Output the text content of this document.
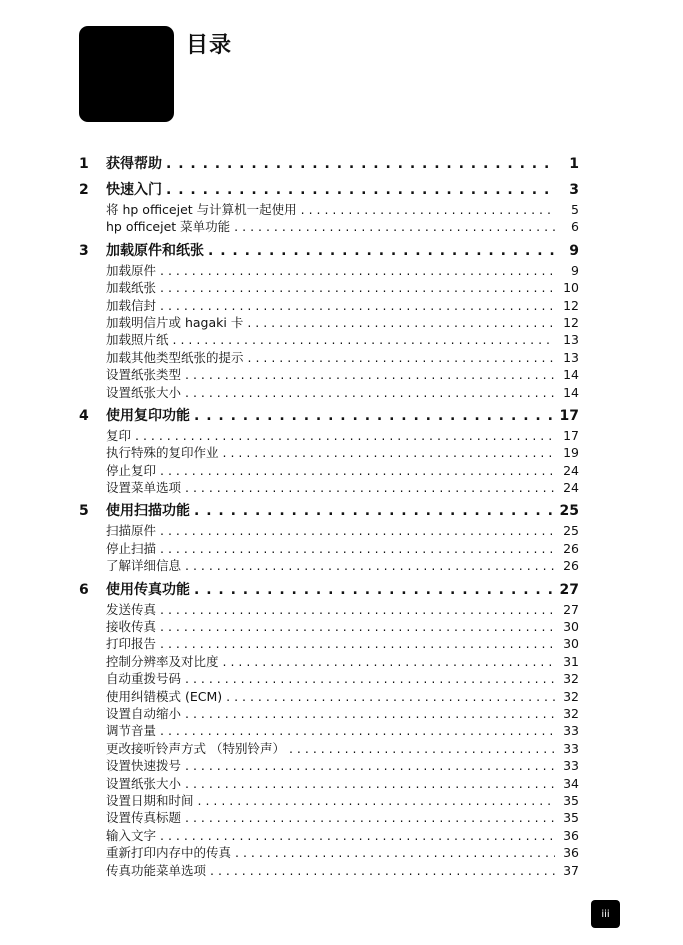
目录
1	获得帮助 . . .	1
2	快速入门 . . .	3
将 hp officejet 与计算机一起使用 . . .	5
hp officejet 菜单功能 . . .	6
3	加载原件和纸张 . . .	9
加载原件 . . .	9
加载纸张 . . .	10
加载信封 . . .	12
加载明信片或 hagaki 卡 . . .	12
加载照片纸 . . .	13
加载其他类型纸张的提示 . . .	13
设置纸张类型 . . .	14
设置纸张大小 . . .	14
4	使用复印功能 . . .	17
复印 . . .	17
执行特殊的复印作业 . . .	19
停止复印 . . .	24
设置菜单选项 . . .	24
5	使用扫描功能 . . .	25
扫描原件 . . .	25
停止扫描 . . .	26
了解详细信息 . . .	26
6	使用传真功能 . . .	27
发送传真 . . .	27
接收传真 . . .	30
打印报告 . . .	30
控制分辨率及对比度 . . .	31
自动重拨号码 . . .	32
使用纠错模式 (ECM) . . .	32
设置自动缩小 . . .	32
调节音量 . . .	33
更改接听铃声方式 （特别铃声） . . .	33
设置快速拨号 . . .	33
设置纸张大小 . . .	34
设置日期和时间 . . .	35
设置传真标题 . . .	35
输入文字 . . .	36
重新打印内存中的传真 . . .	36
传真功能菜单选项 . . .	37
iii
